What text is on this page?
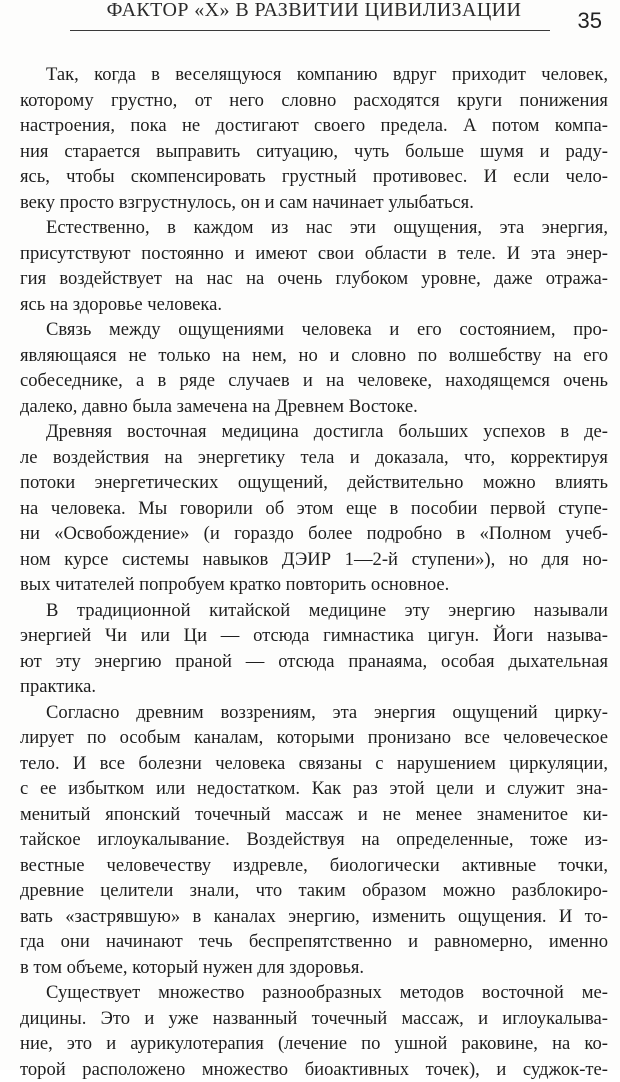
ФАКТОР «Х» В РАЗВИТИИ ЦИВИЛИЗАЦИИ	35
Так, когда в веселящуюся компанию вдруг приходит человек,
которому грустно, от него словно расходятся круги понижения
настроения, пока не достигают своего предела. А потом компа-
ния старается выправить ситуацию, чуть больше шумя и раду-
ясь, чтобы скомпенсировать грустный противовес. И если чело-
веку просто взгрустнулось, он и сам начинает улыбаться.
Естественно, в каждом из нас эти ощущения, эта энергия,
присутствуют постоянно и имеют свои области в теле. И эта энер-
гия воздействует на нас на очень глубоком уровне, даже отража-
ясь на здоровье человека.
Связь между ощущениями человека и его состоянием, про-
являющаяся не только на нем, но и словно по волшебству на его
собеседнике, а в ряде случаев и на человеке, находящемся очень
далеко, давно была замечена на Древнем Востоке.
Древняя восточная медицина достигла больших успехов в де-
ле воздействия на энергетику тела и доказала, что, корректируя
потоки энергетических ощущений, действительно можно влиять
на человека. Мы говорили об этом еще в пособии первой ступе-
ни «Освобождение» (и гораздо более подробно в «Полном учеб-
ном курсе системы навыков ДЭИР 1—2-й ступени»), но для но-
вых читателей попробуем кратко повторить основное.
В традиционной китайской медицине эту энергию называли
энергией Чи или Ци — отсюда гимнастика цигун. Йоги называ-
ют эту энергию праной — отсюда пранаяма, особая дыхательная
практика.
Согласно древним воззрениям, эта энергия ощущений цирку-
лирует по особым каналам, которыми пронизано все человеческое
тело. И все болезни человека связаны с нарушением циркуляции,
с ее избытком или недостатком. Как раз этой цели и служит зна-
менитый японский точечный массаж и не менее знаменитое ки-
тайское иглоукалывание. Воздействуя на определенные, тоже из-
вестные человечеству издревле, биологически активные точки,
древние целители знали, что таким образом можно разблокиро-
вать «застрявшую» в каналах энергию, изменить ощущения. И то-
гда они начинают течь беспрепятственно и равномерно, именно
в том объеме, который нужен для здоровья.
Существует множество разнообразных методов восточной ме-
дицины. Это и уже названный точечный массаж, и иглоукалыва-
ние, это и аурикулотерапия (лечение по ушной раковине, на ко-
торой расположено множество биоактивных точек), и суджок-те-
